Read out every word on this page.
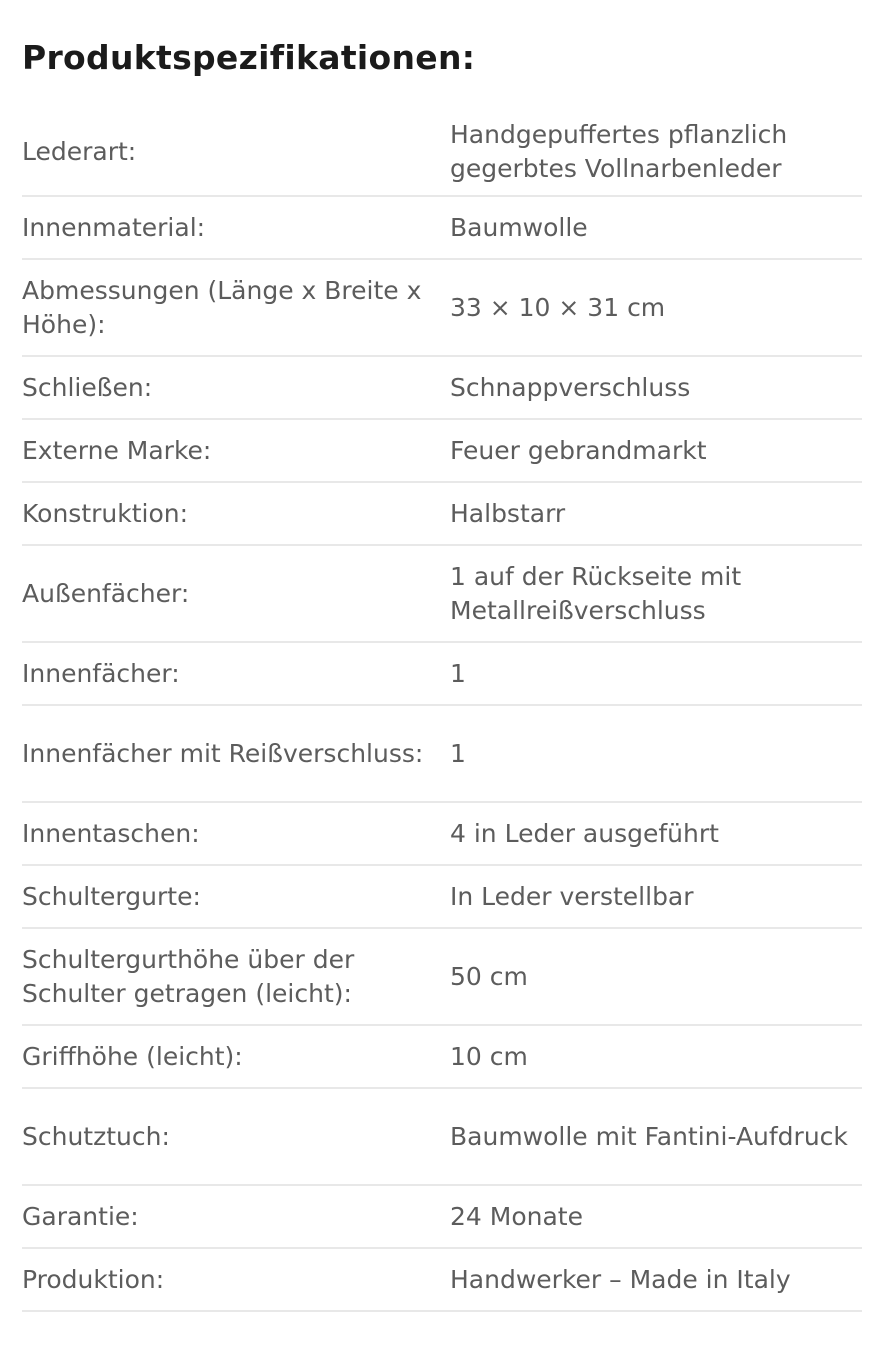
Produktspezifikationen:
Lederart:
Handgepuffertes pflanzlich gegerbtes Vollnarbenleder
Innenmaterial:	Baumwolle
Abmessungen (Länge x Breite x Höhe):
33 × 10 × 31 cm
Schließen:	Schnappverschluss
Externe Marke:	Feuer gebrandmarkt
Konstruktion:	Halbstarr
Außenfächer:
1 auf der Rückseite mit Metallreißverschluss
Innenfächer:	1
Innenfächer mit Reißverschluss:	1
Innentaschen:	4 in Leder ausgeführt
Schultergurte:	In Leder verstellbar
Schultergurthöhe über der Schulter getragen (leicht):
50 cm
Griffhöhe (leicht):	10 cm
Schutztuch:	Baumwolle mit Fantini-Aufdruck
Garantie:	24 Monate
Produktion:	Handwerker – Made in Italy
